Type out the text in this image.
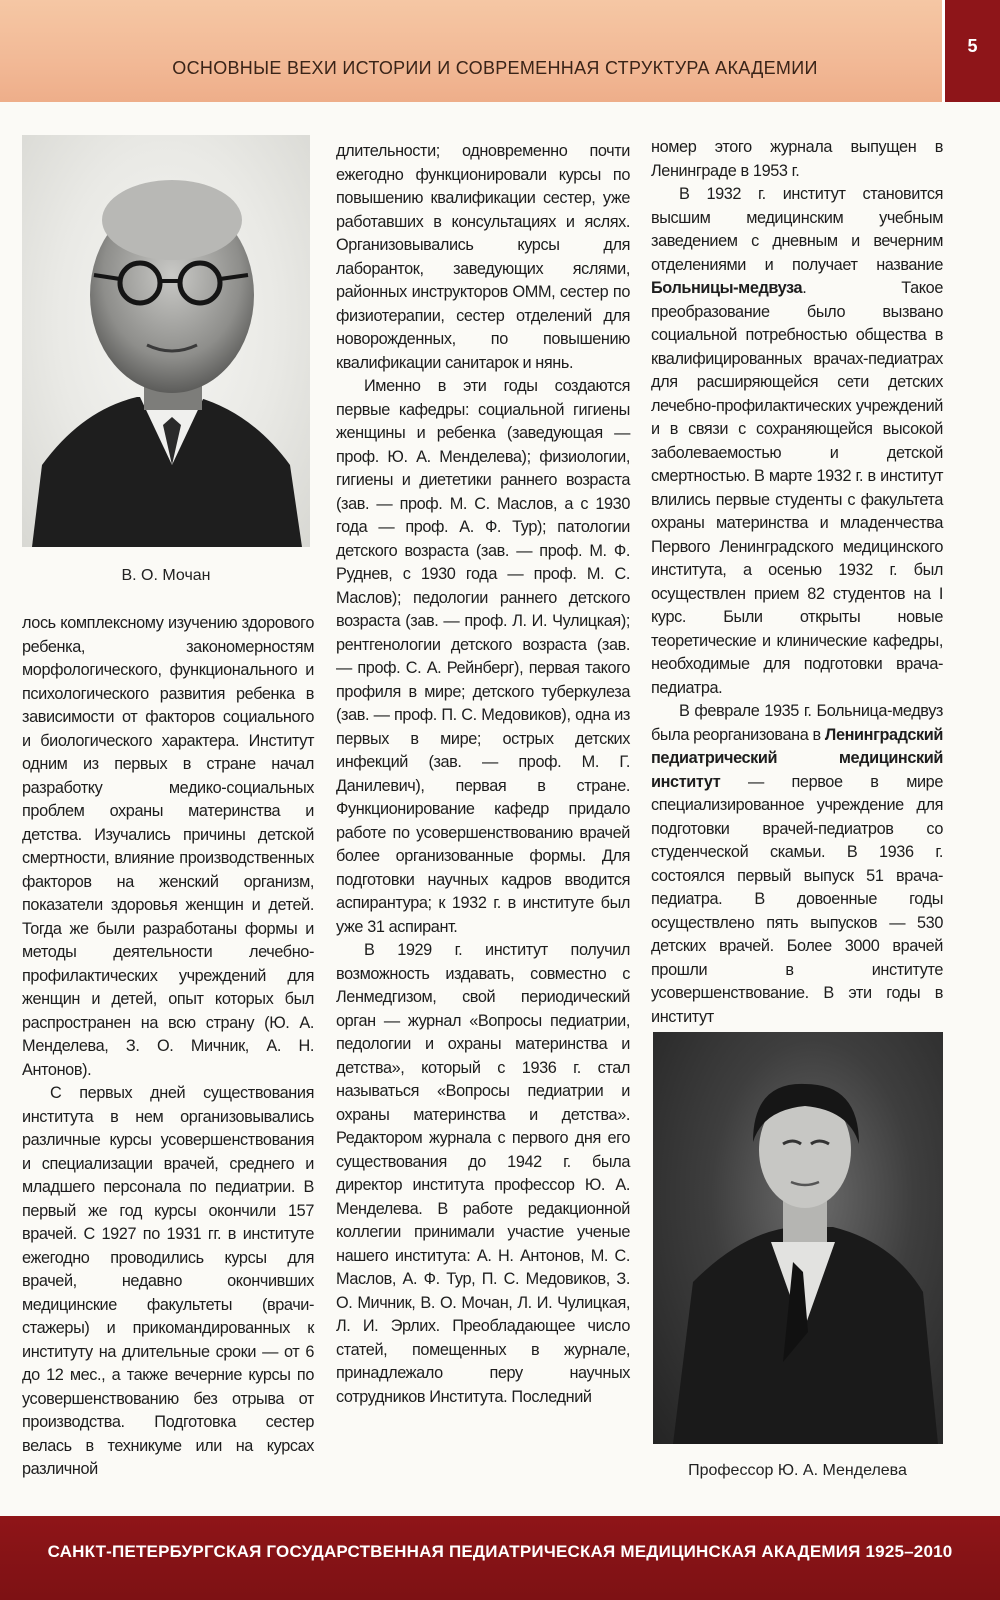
ОСНОВНЫЕ ВЕХИ ИСТОРИИ И СОВРЕМЕННАЯ СТРУКТУРА АКАДЕМИИ
5
В. О. Мочан

лось комплексному изучению здорового ребенка, закономерностям морфологического, функционального и психологического развития ребенка в зависимости от факторов социального и биологического характера. Институт одним из первых в стране начал разработку медико-социальных проблем охраны материнства и детства. Изучались причины детской смертности, влияние производственных факторов на женский организм, показатели здоровья женщин и детей. Тогда же были разработаны формы и методы деятельности лечебно-профилактических учреждений для женщин и детей, опыт которых был распространен на всю страну (Ю. А. Менделева, З. О. Мичник, А. Н. Антонов).

С первых дней существования института в нем организовывались различные курсы усовершенствования и специализации врачей, среднего и младшего персонала по педиатрии. В первый же год курсы окончили 157 врачей. С 1927 по 1931 гг. в институте ежегодно проводились курсы для врачей, недавно окончивших медицинские факультеты (врачи-стажеры) и прикомандированных к институту на длительные сроки — от 6 до 12 мес., а также вечерние курсы по усовершенствованию без отрыва от производства. Подготовка сестер велась в техникуме или на курсах различной

длительности; одновременно почти ежегодно функционировали курсы по повышению квалификации сестер, уже работавших в консультациях и яслях. Организовывались курсы для лаборанток, заведующих яслями, районных инструкторов ОММ, сестер по физиотерапии, сестер отделений для новорожденных, по повышению квалификации санитарок и нянь.

Именно в эти годы создаются первые кафедры: социальной гигиены женщины и ребенка (заведующая — проф. Ю. А. Менделева); физиологии, гигиены и диететики раннего возраста (зав. — проф. М. С. Маслов, а с 1930 года — проф. А. Ф. Тур); патологии детского возраста (зав. — проф. М. Ф. Руднев, с 1930 года — проф. М. С. Маслов); педологии раннего детского возраста (зав. — проф. Л. И. Чулицкая); рентгенологии детского возраста (зав. — проф. С. А. Рейнберг), первая такого профиля в мире; детского туберкулеза (зав. — проф. П. С. Медовиков), одна из первых в мире; острых детских инфекций (зав. — проф. М. Г. Данилевич), первая в стране. Функционирование кафедр придало работе по усовершенствованию врачей более организованные формы. Для подготовки научных кадров вводится аспирантура; к 1932 г. в институте был уже 31 аспирант.

В 1929 г. институт получил возможность издавать, совместно с Ленмедгизом, свой периодический орган — журнал «Вопросы педиатрии, педологии и охраны материнства и детства», который с 1936 г. стал называться «Вопросы педиатрии и охраны материнства и детства». Редактором журнала с первого дня его существования до 1942 г. была директор института профессор Ю. А. Менделева. В работе редакционной коллегии принимали участие ученые нашего института: А. Н. Антонов, М. С. Маслов, А. Ф. Тур, П. С. Медовиков, З. О. Мичник, В. О. Мочан, Л. И. Чулицкая, Л. И. Эрлих. Преобладающее число статей, помещенных в журнале, принадлежало перу научных сотрудников Института. Последний

номер этого журнала выпущен в Ленинграде в 1953 г.

В 1932 г. институт становится высшим медицинским учебным заведением с дневным и вечерним отделениями и получает название Больницы-медвуза. Такое преобразование было вызвано социальной потребностью общества в квалифицированных врачах-педиатрах для расширяющейся сети детских лечебно-профилактических учреждений и в связи с сохраняющейся высокой заболеваемостью и детской смертностью. В марте 1932 г. в институт влились первые студенты с факультета охраны материнства и младенчества Первого Ленинградского медицинского института, а осенью 1932 г. был осуществлен прием 82 студентов на I курс. Были открыты новые теоретические и клинические кафедры, необходимые для подготовки врача-педиатра.

В феврале 1935 г. Больница-медвуз была реорганизована в Ленинградский педиатрический медицинский институт — первое в мире специализированное учреждение для подготовки врачей-педиатров со студенческой скамьи. В 1936 г. состоялся первый выпуск 51 врача-педиатра. В довоенные годы осуществлено пять выпусков — 530 детских врачей. Более 3000 врачей прошли в институте усовершенствование. В эти годы в институт

Профессор Ю. А. Менделева
САНКТ-ПЕТЕРБУРГСКАЯ ГОСУДАРСТВЕННАЯ ПЕДИАТРИЧЕСКАЯ МЕДИЦИНСКАЯ АКАДЕМИЯ 1925–2010
